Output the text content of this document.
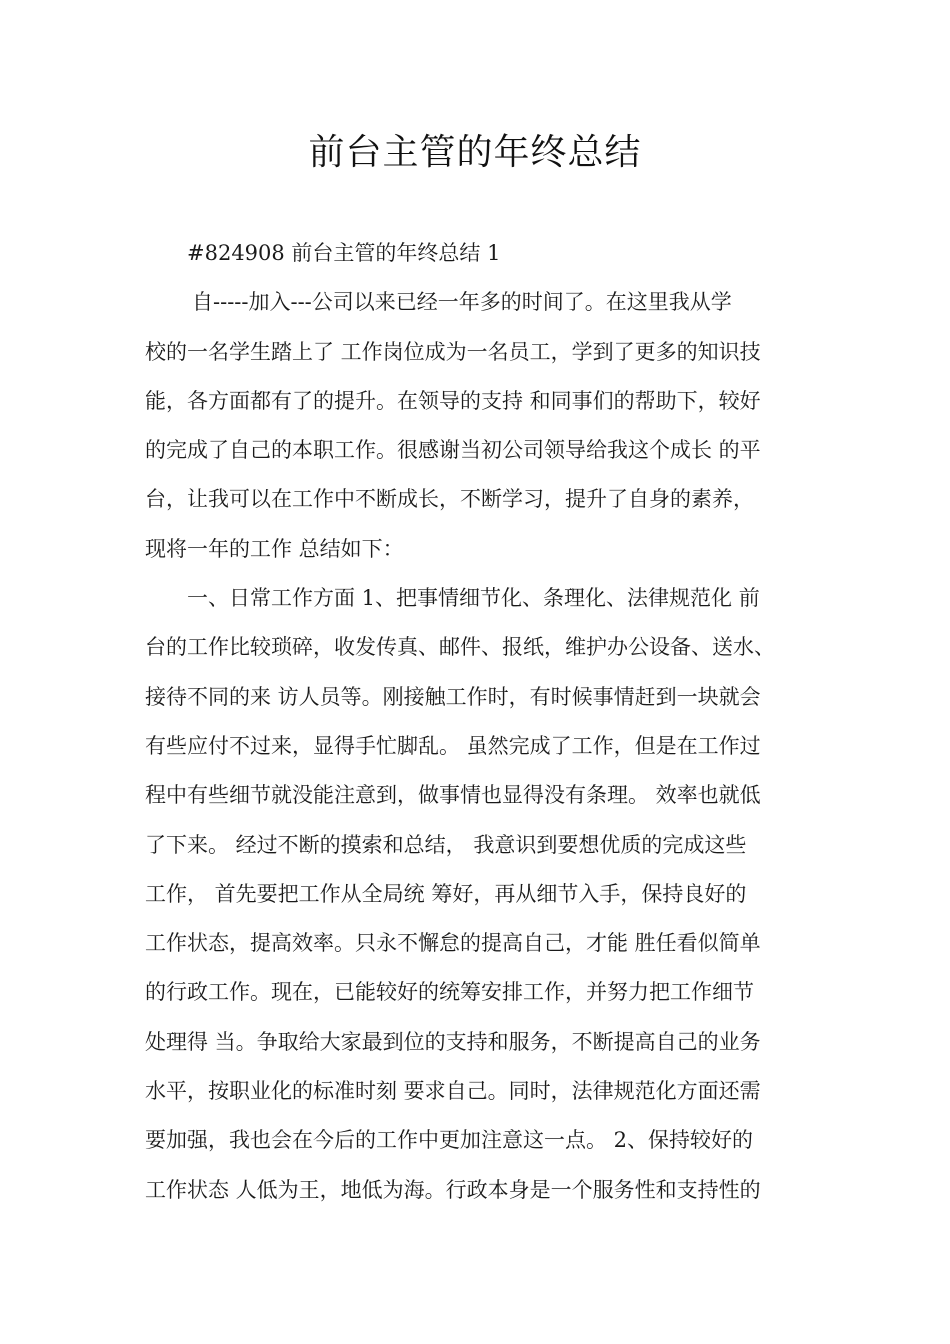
前台主管的年终总结
#824908 前台主管的年终总结 1
自-----加入---公司以来已经一年多的时间了。在这里我从学
校的一名学生踏上了 工作岗位成为一名员工，学到了更多的知识技
能，各方面都有了的提升。在领导的支持 和同事们的帮助下，较好
的完成了自己的本职工作。很感谢当初公司领导给我这个成长 的平
台，让我可以在工作中不断成长，不断学习，提升了自身的素养，
现将一年的工作 总结如下：
一、日常工作方面 1、把事情细节化、条理化、法律规范化 前
台的工作比较琐碎，收发传真、邮件、报纸，维护办公设备、送水、
接待不同的来 访人员等。刚接触工作时，有时候事情赶到一块就会
有些应付不过来，显得手忙脚乱。 虽然完成了工作，但是在工作过
程中有些细节就没能注意到，做事情也显得没有条理。 效率也就低
了下来。 经过不断的摸索和总结， 我意识到要想优质的完成这些
工作， 首先要把工作从全局统 筹好，再从细节入手，保持良好的
工作状态，提高效率。只永不懈怠的提高自己，才能 胜任看似简单
的行政工作。现在，已能较好的统筹安排工作，并努力把工作细节
处理得 当。争取给大家最到位的支持和服务，不断提高自己的业务
水平，按职业化的标准时刻 要求自己。同时，法律规范化方面还需
要加强，我也会在今后的工作中更加注意这一点。 2、保持较好的
工作状态 人低为王，地低为海。行政本身是一个服务性和支持性的
